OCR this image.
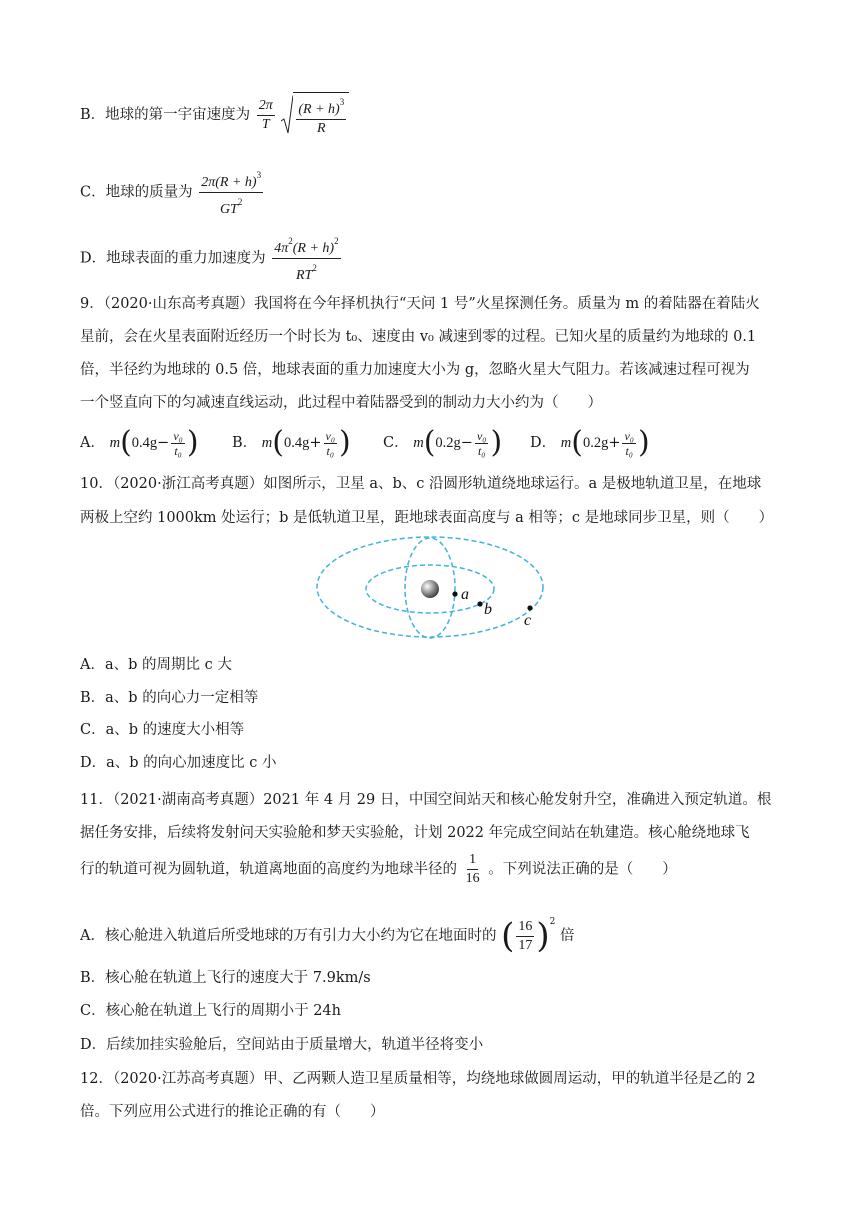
B．地球的第一宇宙速度为 $\frac{2\pi}{T}$
$(R + h)^3$
R
C．地球的质量为 $\frac{2\pi(R + h)^3}{GT^2}$
D．地球表面的重力加速度为 $\frac{4\pi^2(R + h)^2}{RT^2}$
9．（2020·山东高考真题）我国将在今年择机执行“天问 1 号”火星探测任务。质量为 m 的着陆器在着陆火
星前，会在火星表面附近经历一个时长为 t₀、速度由 v₀ 减速到零的过程。已知火星的质量约为地球的 0.1
倍，半径约为地球的 0.5 倍，地球表面的重力加速度大小为 g，忽略火星大气阻力。若该减速过程可视为
一个竖直向下的匀减速直线运动，此过程中着陆器受到的制动力大小约为（　　）
A． $m(0.4g- \frac{\text{v₀}}{\text{t₀}}$ ) B． $m(0.4g+ \frac{\text{v₀}}{\text{t₀}}$ ) C． $m(0.2g- \frac{\text{v₀}}{\text{t₀}}$ ) D． $m(0.2g+ \frac{\text{v₀}}{\text{t₀}}$ )
10．（2020·浙江高考真题）如图所示，卫星 a、b、c 沿圆形轨道绕地球运行。a 是极地轨道卫星，在地球
两极上空约 1000km 处运行；b 是低轨道卫星，距地球表面高度与 a 相等；c 是地球同步卫星，则（　　）
a
b
c
A．a、b 的周期比 c 大
B．a、b 的向心力一定相等
C．a、b 的速度大小相等
D．a、b 的向心加速度比 c 小
11．（2021·湖南高考真题）2021 年 4 月 29 日，中国空间站天和核心舱发射升空，准确进入预定轨道。根
据任务安排，后续将发射问天实验舱和梦天实验舱，计划 2022 年完成空间站在轨建造。核心舱绕地球飞
行的轨道可视为圆轨道，轨道离地面的高度约为地球半径的 $\frac{1}{16}$ 。下列说法正确的是（　　）
A．核心舱进入轨道后所受地球的万有引力大小约为它在地面时的 ( $\frac{16}{17} )^2$ 倍
B．核心舱在轨道上飞行的速度大于 7.9km/s
C．核心舱在轨道上飞行的周期小于 24h
D．后续加挂实验舱后，空间站由于质量增大，轨道半径将变小
12．（2020·江苏高考真题）甲、乙两颗人造卫星质量相等，均绕地球做圆周运动，甲的轨道半径是乙的 2
倍。下列应用公式进行的推论正确的有（　　）
